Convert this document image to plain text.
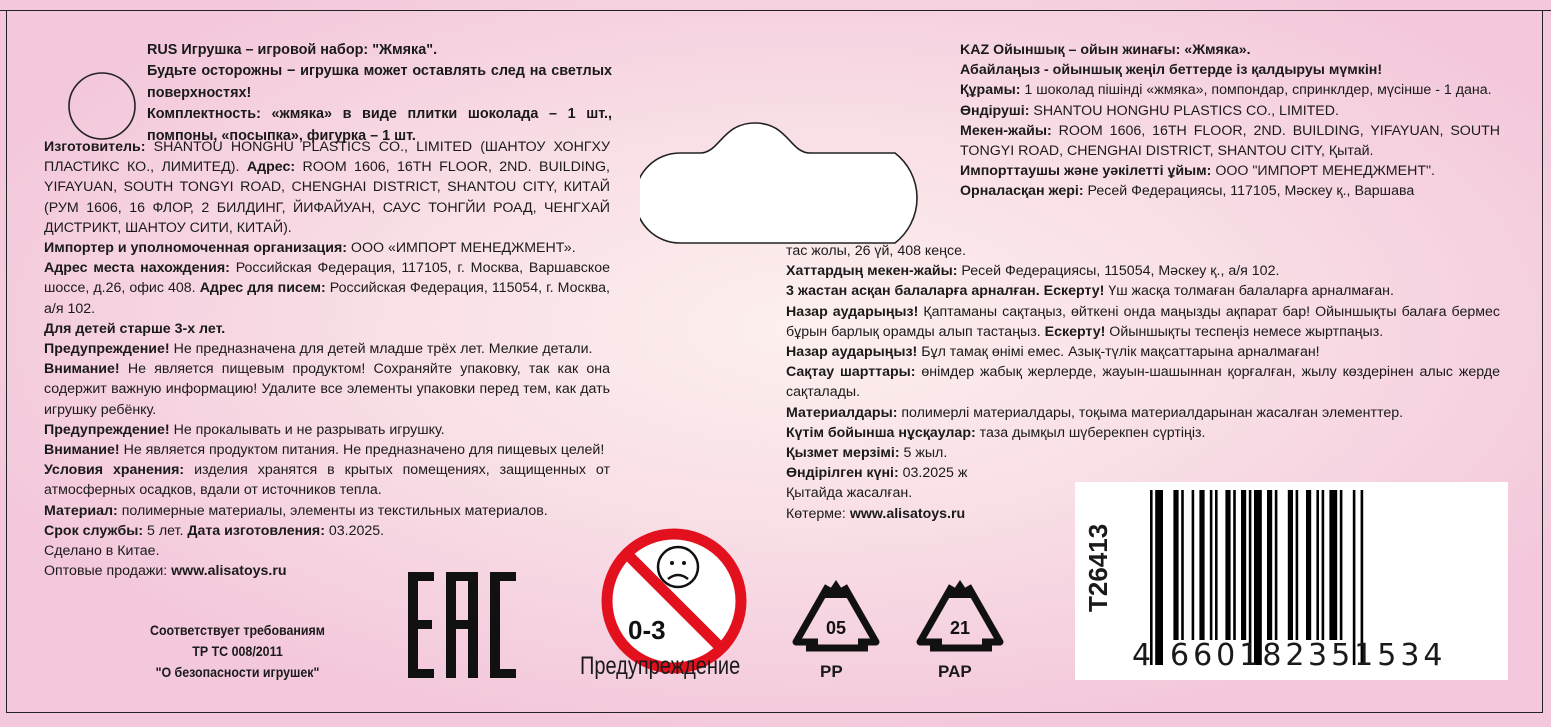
RUS Игрушка – игровой набор: "Жмяка".

Будьте осторожны − игрушка может оставлять след на светлых поверхностях!

Комплектность: «жмяка» в виде плитки шоколада – 1 шт., помпоны, «посыпка», фигурка – 1 шт.

Изготовитель: SHANTOU HONGHU PLASTICS CO., LIMITED (ШАНТОУ ХОНГХУ ПЛАСТИКС КО., ЛИМИТЕД). Адрес: ROOM 1606, 16TH FLOOR, 2ND. BUILDING, YIFAYUAN, SOUTH TONGYI ROAD, CHENGHAI DISTRICT, SHANTOU CITY, КИТАЙ (РУМ 1606, 16 ФЛОР, 2 БИЛДИНГ, ЙИФАЙУАН, САУС ТОНГЙИ РОАД, ЧЕНГХАЙ ДИСТРИКТ, ШАНТОУ СИТИ, КИТАЙ).

Импортер и уполномоченная организация: ООО «ИМПОРТ МЕНЕДЖМЕНТ».

Адрес места нахождения: Российская Федерация, 117105, г. Москва, Варшавское шоссе, д.26, офис 408. Адрес для писем: Российская Федерация, 115054, г. Москва, а/я 102.

Для детей старше 3-х лет.

Предупреждение! Не предназначена для детей младше трёх лет. Мелкие детали.

Внимание! Не является пищевым продуктом! Сохраняйте упаковку, так как она содержит важную информацию! Удалите все элементы упаковки перед тем, как дать игрушку ребёнку.

Предупреждение! Не прокалывать и не разрывать игрушку.

Внимание! Не является продуктом питания. Не предназначено для пищевых целей!

Условия хранения: изделия хранятся в крытых помещениях, защищенных от атмосферных осадков, вдали от источников тепла.

Материал: полимерные материалы, элементы из текстильных материалов.

Срок службы: 5 лет. Дата изготовления: 03.2025.

Сделано в Китае.

Оптовые продажи: www.alisatoys.ru

KAZ Ойыншық – ойын жинағы: «Жмяка».

Абайлаңыз - ойыншық жеңіл беттерде із қалдыруы мүмкін!

Құрамы: 1 шоколад пішінді «жмяка», помпондар, спринклдер, мүсінше - 1 дана.

Өндіруші: SHANTOU HONGHU PLASTICS CO., LIMITED.

Мекен-жайы: ROOM 1606, 16TH FLOOR, 2ND. BUILDING, YIFAYUAN, SOUTH TONGYI ROAD, CHENGHAI DISTRICT, SHANTOU CITY, Қытай.

Импорттаушы және уәкілетті ұйым: ООО "ИМПОРТ МЕНЕДЖМЕНТ".

Орналасқан жері: Ресей Федерациясы, 117105, Мәскеу қ., Варшава

тас жолы, 26 үй, 408 кеңсе.

Хаттардың мекен-жайы: Ресей Федерациясы, 115054, Мәскеу қ., а/я 102.

3 жастан асқан балаларға арналған. Ескерту! Үш жасқа толмаған балаларға арналмаған.

Назар аударыңыз! Қаптаманы сақтаңыз, өйткені онда маңызды ақпарат бар! Ойыншықты балаға бермес бұрын барлық орамды алып тастаңыз. Ескерту! Ойыншықты теспеңіз немесе жыртпаңыз.

Назар аударыңыз! Бұл тамақ өнімі емес. Азық-түлік мақсаттарына арналмаған!

Сақтау шарттары: өнімдер жабық жерлерде, жауын-шашыннан қорғалған, жылу көздерінен алыс жерде сақталады.

Материалдары: полимерлі материалдары, тоқыма материалдарынан жасалған элементтер.

Күтім бойынша нұсқаулар: таза дымқыл шүберекпен сүртіңіз.

Қызмет мерзімі: 5 жыл.

Өндірілген күні: 03.2025 ж

Қытайда жасалған.

Көтерме: www.alisatoys.ru

Соответствует требованиям
ТР ТС 008/2011
"О безопасности игрушек"
0-3
Предупреждение
05
PP
21
PAP
T26413
4 660182 351534
